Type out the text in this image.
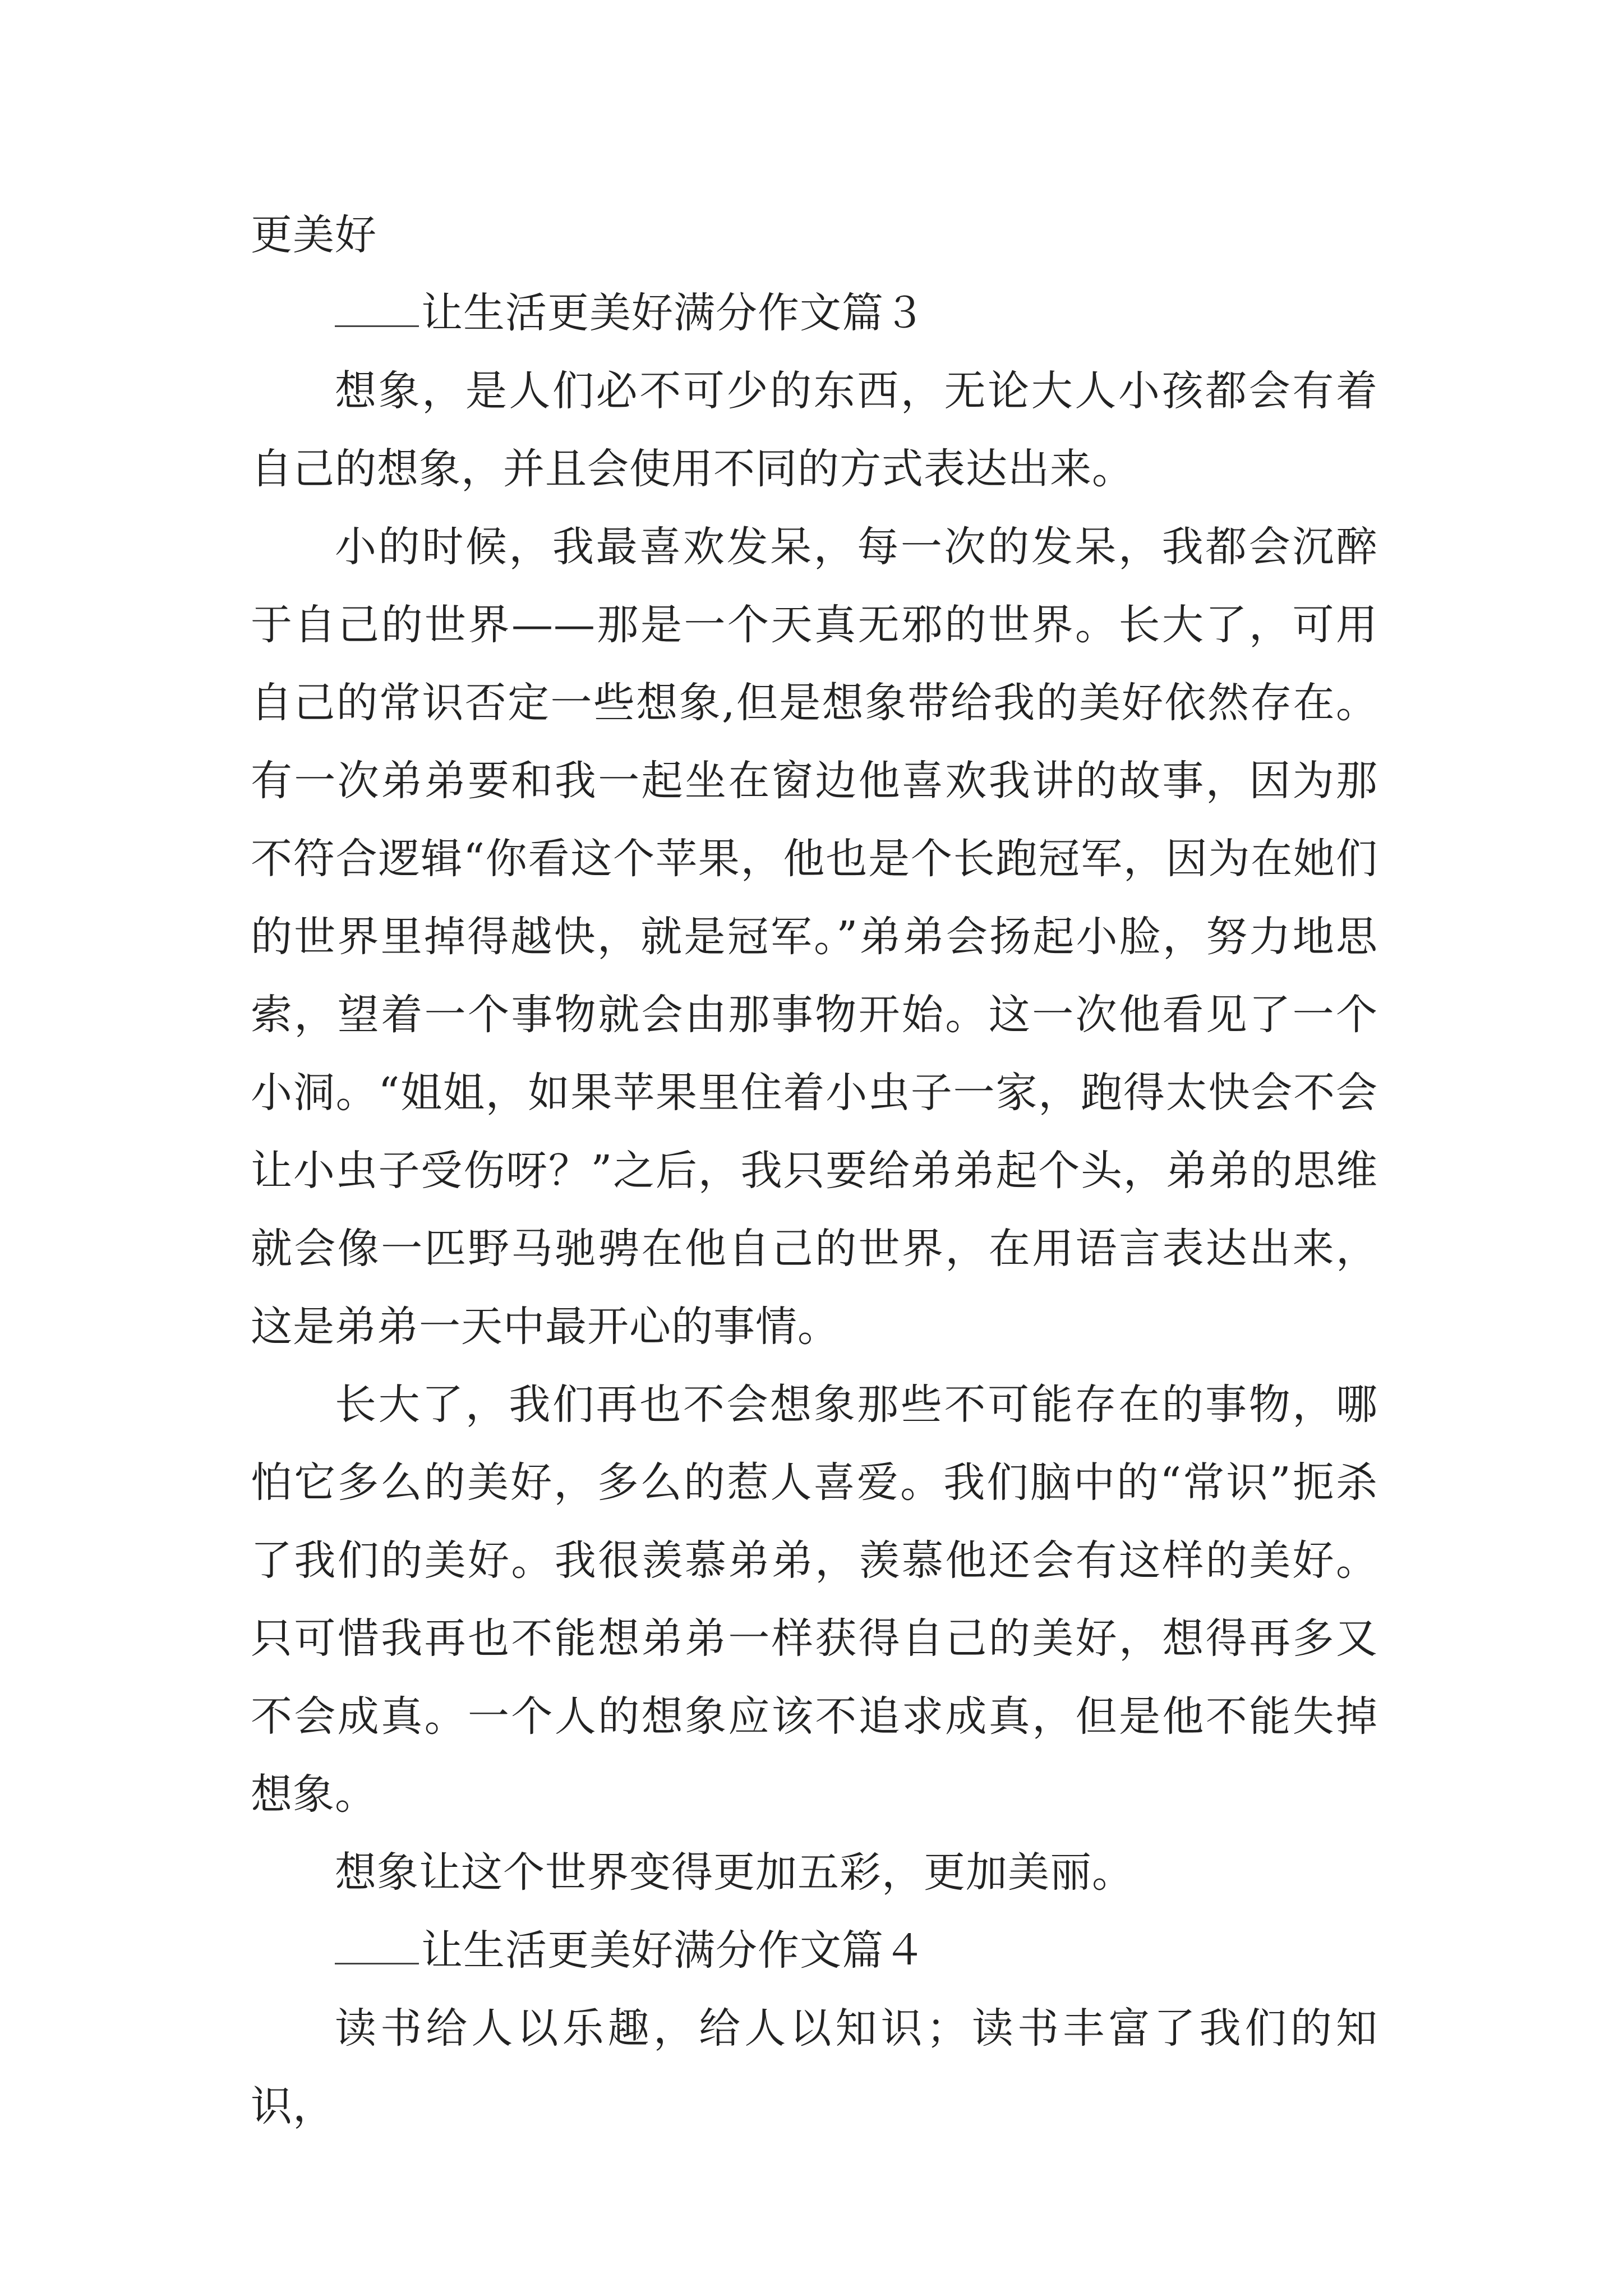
更美好

让生活更美好满分作文篇３

想象，是人们必不可少的东西，无论大人小孩都会有着自己的想象，并且会使用不同的方式表达出来。

小的时候，我最喜欢发呆，每一次的发呆，我都会沉醉于自己的世界——那是一个天真无邪的世界。长大了，可用自己的常识否定一些想象,但是想象带给我的美好依然存在。有一次弟弟要和我一起坐在窗边他喜欢我讲的故事，因为那不符合逻辑“你看这个苹果，他也是个长跑冠军，因为在她们的世界里掉得越快，就是冠军。”弟弟会扬起小脸，努力地思索，望着一个事物就会由那事物开始。这一次他看见了一个小洞。“姐姐，如果苹果里住着小虫子一家，跑得太快会不会让小虫子受伤呀？”之后，我只要给弟弟起个头，弟弟的思维就会像一匹野马驰骋在他自己的世界，在用语言表达出来，这是弟弟一天中最开心的事情。

长大了，我们再也不会想象那些不可能存在的事物，哪怕它多么的美好，多么的惹人喜爱。我们脑中的“常识”扼杀了我们的美好。我很羡慕弟弟，羡慕他还会有这样的美好。只可惜我再也不能想弟弟一样获得自己的美好，想得再多又不会成真。一个人的想象应该不追求成真，但是他不能失掉想象。

想象让这个世界变得更加五彩，更加美丽。

让生活更美好满分作文篇４

读书给人以乐趣，给人以知识；读书丰富了我们的知识，
